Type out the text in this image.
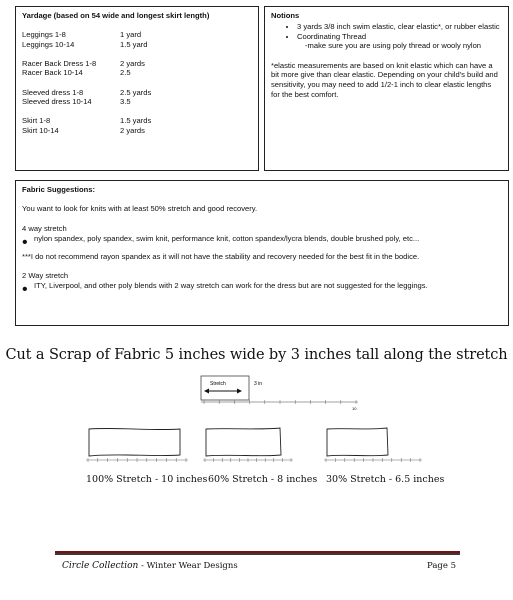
Yardage (based on 54 wide and longest skirt length)
Leggings 1-8	1 yard
Leggings 10-14	1.5 yard
Racer Back Dress 1-8	2 yards
Racer Back 10-14	2.5
Sleeved dress 1-8	2.5 yards
Sleeved dress 10-14	3.5
Skirt 1-8	1.5 yards
Skirt 10-14	2 yards
Notions
• 3 yards 3/8 inch swim elastic, clear elastic*, or rubber elastic
• Coordinating Thread
-make sure you are using poly thread or wooly nylon
*elastic measurements are based on knit elastic which can have a bit more give than clear elastic. Depending on your child's build and sensitivity, you may need to add 1/2-1 inch to clear elastic lengths for the best comfort.
Fabric Suggestions:

You want to look for knits with at least 50% stretch and good recovery.

4 way stretch

• nylon spandex, poly spandex, swim knit, performance knit, cotton spandex/lycra blends, double brushed poly, etc...

***I do not recommend rayon spandex as it will not have the stability and recovery needed for the best fit in the bodice.

2 Way stretch

• ITY, Liverpool, and other poly blends with 2 way stretch can work for the dress but are not suggested for the leggings.

Cut a Scrap of Fabric 5 inches wide by 3 inches tall along the stretch
Stretch	3 in
10
100% Stretch - 10 inches 60% Stretch - 8 inches 30% Stretch - 6.5 inches
Circle Collection - Winter Wear Designs	Page 5
